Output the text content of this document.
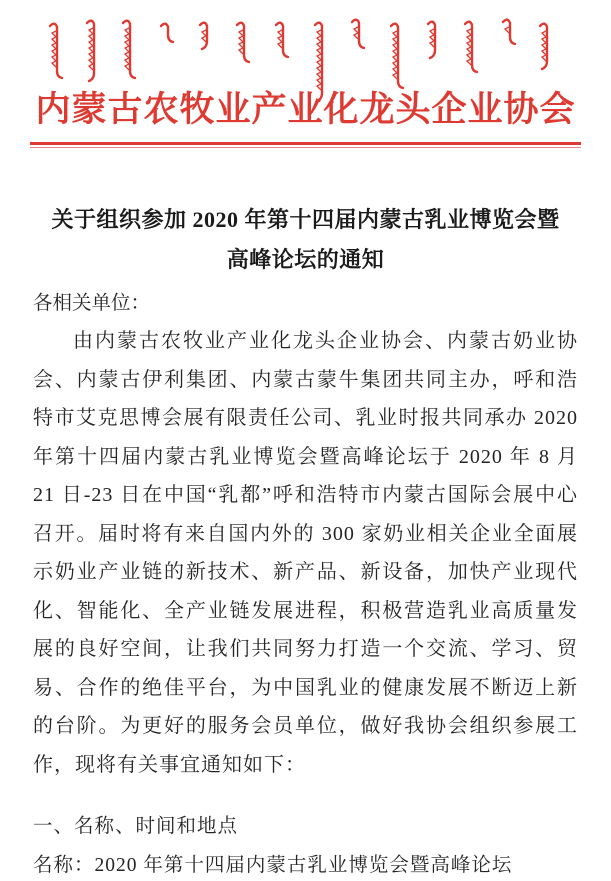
内蒙古农牧业产业化龙头企业协会
关于组织参加 2020 年第十四届内蒙古乳业博览会暨
高峰论坛的通知

各相关单位：

由内蒙古农牧业产业化龙头企业协会、内蒙古奶业协会、内蒙古伊利集团、内蒙古蒙牛集团共同主办，呼和浩特市艾克思博会展有限责任公司、乳业时报共同承办 2020 年第十四届内蒙古乳业博览会暨高峰论坛于 2020 年 8 月 21 日-23 日在中国“乳都”呼和浩特市内蒙古国际会展中心召开。届时将有来自国内外的 300 家奶业相关企业全面展示奶业产业链的新技术、新产品、新设备，加快产业现代化、智能化、全产业链发展进程，积极营造乳业高质量发展的良好空间，让我们共同努力打造一个交流、学习、贸易、合作的绝佳平台，为中国乳业的健康发展不断迈上新的台阶。为更好的服务会员单位，做好我协会组织参展工作，现将有关事宜通知如下：

一、名称、时间和地点

名称：2020 年第十四届内蒙古乳业博览会暨高峰论坛
